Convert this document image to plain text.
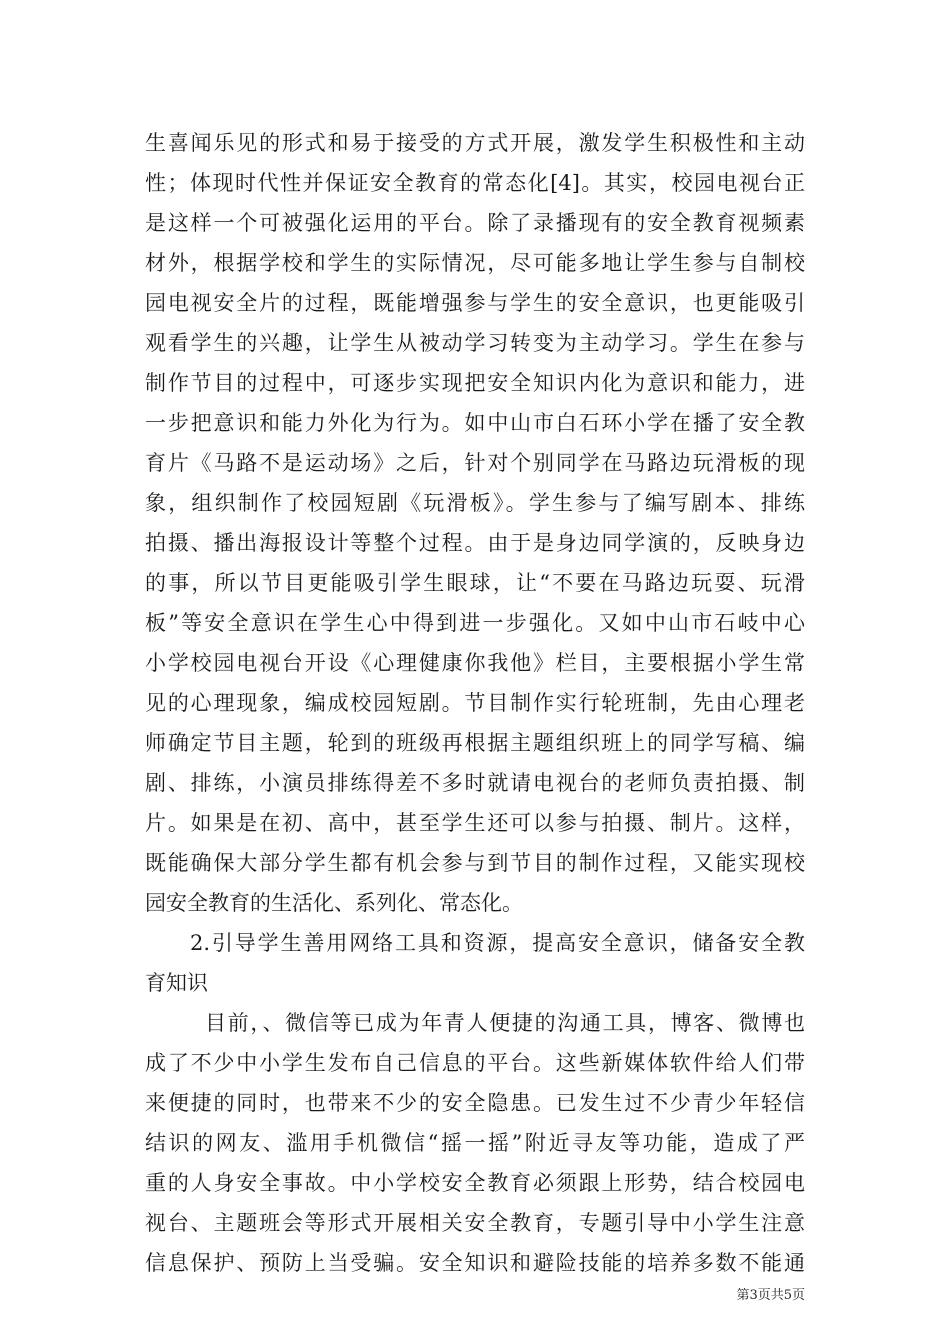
生喜闻乐见的形式和易于接受的方式开展，激发学生积极性和主动
性；体现时代性并保证安全教育的常态化[4]。其实，校园电视台正
是这样一个可被强化运用的平台。除了录播现有的安全教育视频素
材外，根据学校和学生的实际情况，尽可能多地让学生参与自制校
园电视安全片的过程，既能增强参与学生的安全意识，也更能吸引
观看学生的兴趣，让学生从被动学习转变为主动学习。学生在参与
制作节目的过程中，可逐步实现把安全知识内化为意识和能力，进
一步把意识和能力外化为行为。如中山市白石环小学在播了安全教
育片《马路不是运动场》之后，针对个别同学在马路边玩滑板的现
象，组织制作了校园短剧《玩滑板》。学生参与了编写剧本、排练
拍摄、播出海报设计等整个过程。由于是身边同学演的，反映身边
的事，所以节目更能吸引学生眼球，让“不要在马路边玩耍、玩滑
板”等安全意识在学生心中得到进一步强化。又如中山市石岐中心
小学校园电视台开设《心理健康你我他》栏目，主要根据小学生常
见的心理现象，编成校园短剧。节目制作实行轮班制，先由心理老
师确定节目主题，轮到的班级再根据主题组织班上的同学写稿、编
剧、排练，小演员排练得差不多时就请电视台的老师负责拍摄、制
片。如果是在初、高中，甚至学生还可以参与拍摄、制片。这样，
既能确保大部分学生都有机会参与到节目的制作过程，又能实现校
园安全教育的生活化、系列化、常态化。
2.引导学生善用网络工具和资源，提高安全意识，储备安全教
育知识
目前，、微信等已成为年青人便捷的沟通工具，博客、微博也
成了不少中小学生发布自己信息的平台。这些新媒体软件给人们带
来便捷的同时，也带来不少的安全隐患。已发生过不少青少年轻信
结识的网友、滥用手机微信“摇一摇”附近寻友等功能，造成了严
重的人身安全事故。中小学校安全教育必须跟上形势，结合校园电
视台、主题班会等形式开展相关安全教育，专题引导中小学生注意
信息保护、预防上当受骗。安全知识和避险技能的培养多数不能通
第3页共5页
